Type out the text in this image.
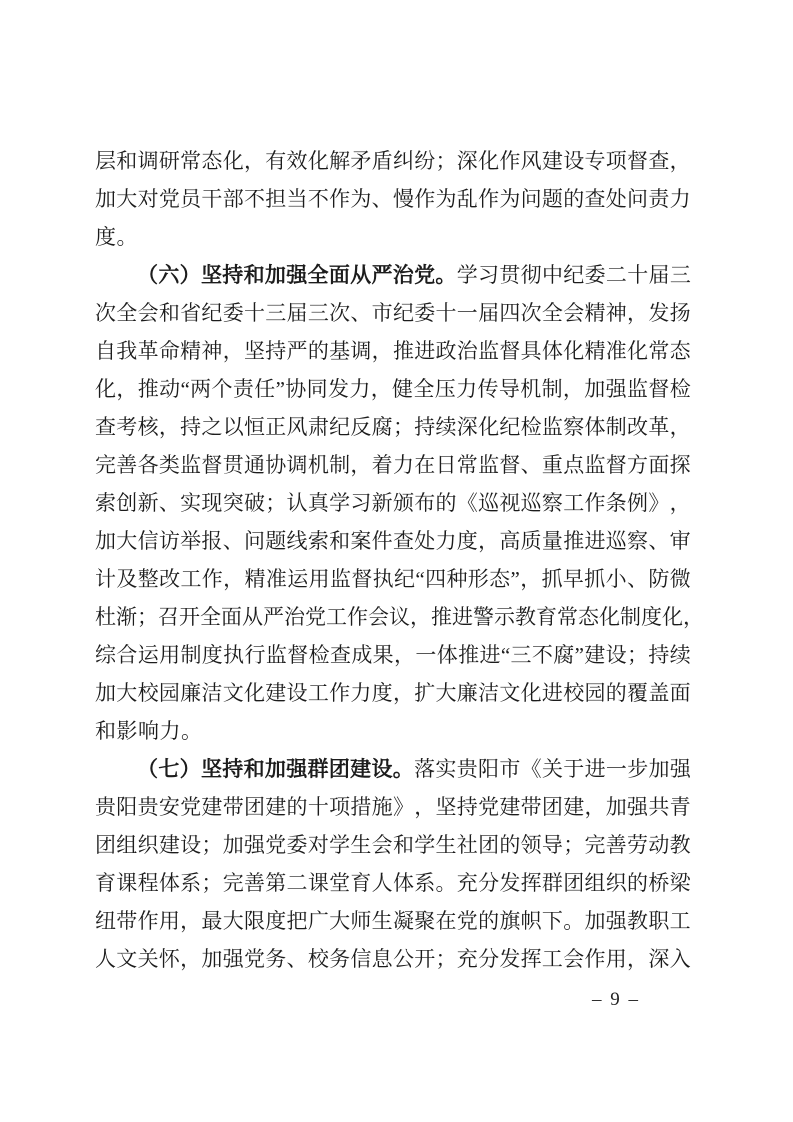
层 和 调 研 常 态 化 ， 有 效 化 解 矛 盾 纠 纷 ； 深 化 作 风 建 设 专 项 督 查 ，
加 大 对 党 员 干 部 不 担 当 不 作 为 、 慢 作 为 乱 作 为 问 题 的 查 处 问 责 力
度。
（ 六 ） 坚 持 和 加 强 全 面 从 严 治 党 。 学 习 贯 彻 中 纪 委 二 十 届 三
次 全 会 和 省 纪 委 十 三 届 三 次 、 市 纪 委 十 一 届 四 次 全 会 精 神 ， 发 扬
自 我 革 命 精 神 ， 坚 持 严 的 基 调 ， 推 进 政 治 监 督 具 体 化 精 准 化 常 态
化 ， 推 动 “ 两 个 责 任 ” 协 同 发 力 ， 健 全 压 力 传 导 机 制 ， 加 强 监 督 检
查 考 核 ， 持 之 以 恒 正 风 肃 纪 反 腐 ； 持 续 深 化 纪 检 监 察 体 制 改 革 ，
完 善 各 类 监 督 贯 通 协 调 机 制 ， 着 力 在 日 常 监 督 、 重 点 监 督 方 面 探
索 创 新 、 实 现 突 破 ； 认 真 学 习 新 颁 布 的 《 巡 视 巡 察 工 作 条 例 》 ，
加 大 信 访 举 报 、 问 题 线 索 和 案 件 查 处 力 度 ， 高 质 量 推 进 巡 察 、 审
计 及 整 改 工 作 ， 精 准 运 用 监 督 执 纪 “ 四 种 形 态 ” ， 抓 早 抓 小 、 防 微
杜 渐 ； 召 开 全 面 从 严 治 党 工 作 会 议 ， 推 进 警 示 教 育 常 态 化 制 度 化 ，
综 合 运 用 制 度 执 行 监 督 检 查 成 果 ， 一 体 推 进 “ 三 不 腐 ” 建 设 ； 持 续
加 大 校 园 廉 洁 文 化 建 设 工 作 力 度 ， 扩 大 廉 洁 文 化 进 校 园 的 覆 盖 面
和影响力。
（ 七 ） 坚 持 和 加 强 群 团 建 设 。 落 实 贵 阳 市 《 关 于 进 一 步 加 强
贵 阳 贵 安 党 建 带 团 建 的 十 项 措 施 》 ， 坚 持 党 建 带 团 建 ， 加 强 共 青
团 组 织 建 设 ； 加 强 党 委 对 学 生 会 和 学 生 社 团 的 领 导 ； 完 善 劳 动 教
育 课 程 体 系 ； 完 善 第 二 课 堂 育 人 体 系 。 充 分 发 挥 群 团 组 织 的 桥 梁
纽 带 作 用 ， 最 大 限 度 把 广 大 师 生 凝 聚 在 党 的 旗 帜 下 。 加 强 教 职 工
人 文 关 怀 ， 加 强 党 务 、 校 务 信 息 公 开 ； 充 分 发 挥 工 会 作 用 ， 深 入
– 9 –
